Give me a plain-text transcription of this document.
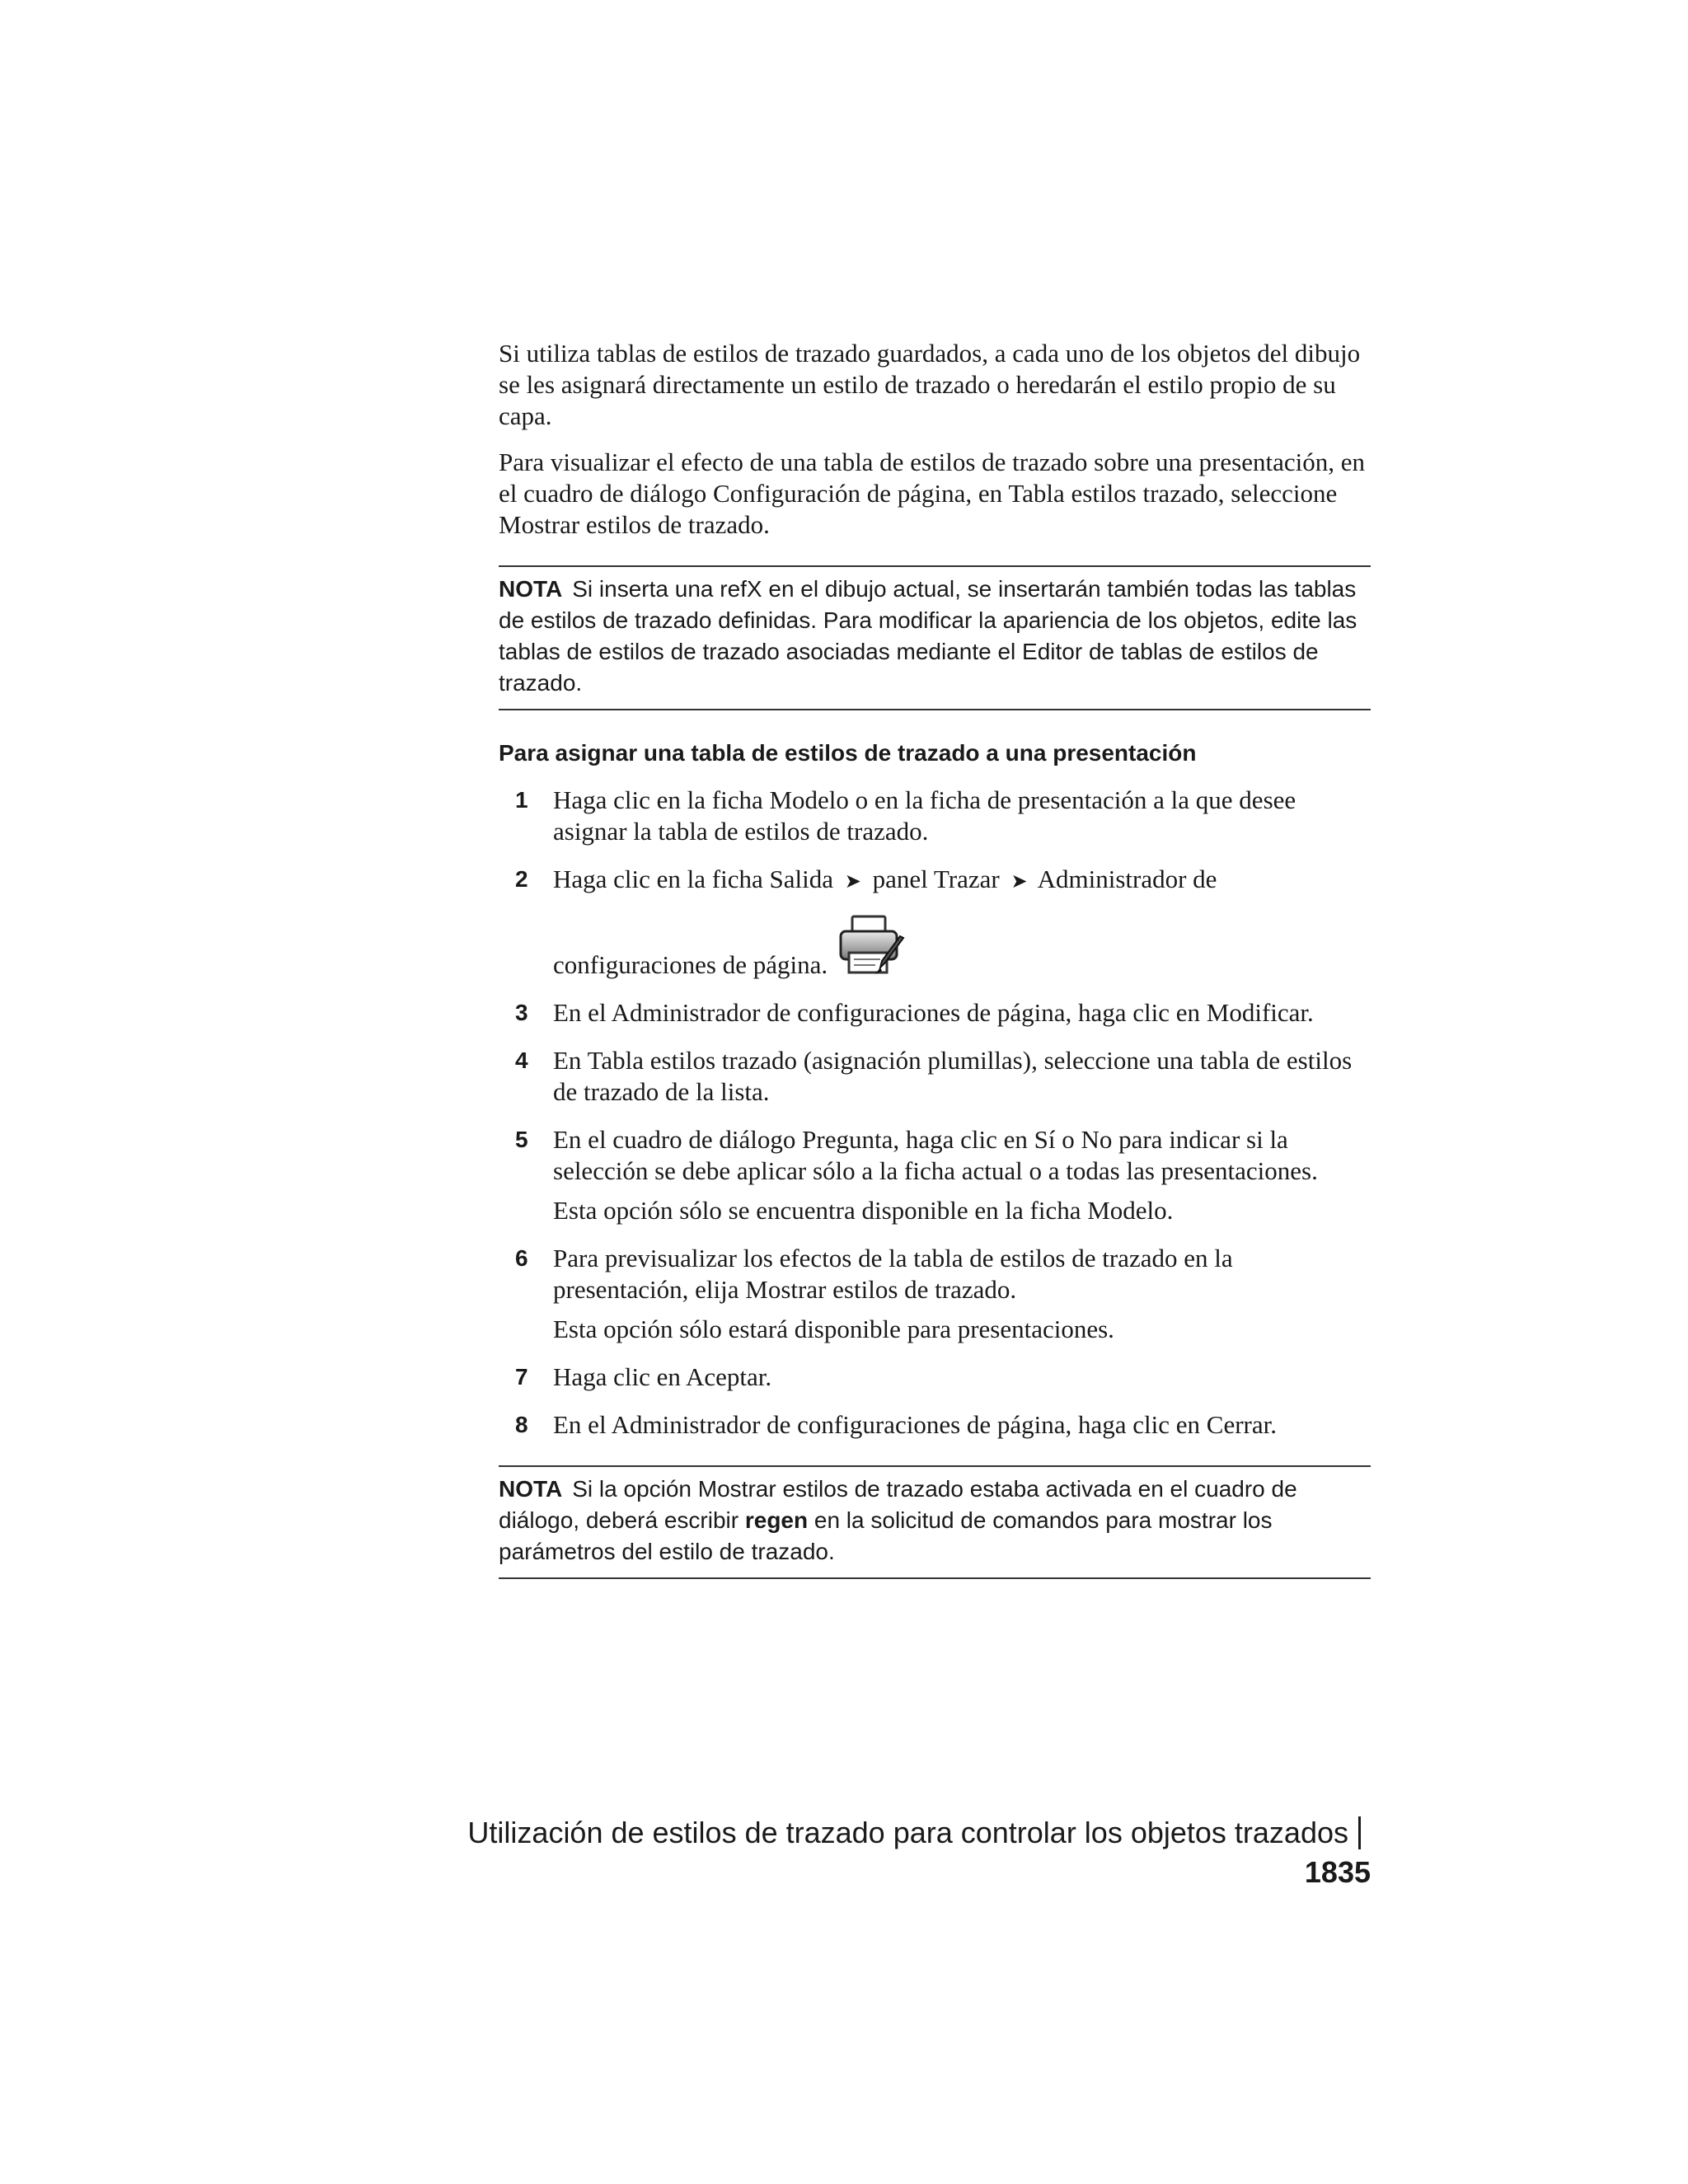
Si utiliza tablas de estilos de trazado guardados, a cada uno de los objetos del dibujo se les asignará directamente un estilo de trazado o heredarán el estilo propio de su capa.

Para visualizar el efecto de una tabla de estilos de trazado sobre una presentación, en el cuadro de diálogo Configuración de página, en Tabla estilos trazado, seleccione Mostrar estilos de trazado.

NOTA Si inserta una refX en el dibujo actual, se insertarán también todas las tablas de estilos de trazado definidas. Para modificar la apariencia de los objetos, edite las tablas de estilos de trazado asociadas mediante el Editor de tablas de estilos de trazado.
Para asignar una tabla de estilos de trazado a una presentación
1 Haga clic en la ficha Modelo o en la ficha de presentación a la que desee asignar la tabla de estilos de trazado.
2 Haga clic en la ficha Salida ➤ panel Trazar ➤ Administrador de
configuraciones de página.
3 En el Administrador de configuraciones de página, haga clic en Modificar.
4 En Tabla estilos trazado (asignación plumillas), seleccione una tabla de estilos de trazado de la lista.
5 En el cuadro de diálogo Pregunta, haga clic en Sí o No para indicar si la selección se debe aplicar sólo a la ficha actual o a todas las presentaciones.
Esta opción sólo se encuentra disponible en la ficha Modelo.
6 Para previsualizar los efectos de la tabla de estilos de trazado en la presentación, elija Mostrar estilos de trazado.
Esta opción sólo estará disponible para presentaciones.
7 Haga clic en Aceptar.
8 En el Administrador de configuraciones de página, haga clic en Cerrar.
NOTA Si la opción Mostrar estilos de trazado estaba activada en el cuadro de diálogo, deberá escribir regen en la solicitud de comandos para mostrar los parámetros del estilo de trazado.
Utilización de estilos de trazado para controlar los objetos trazados1835
